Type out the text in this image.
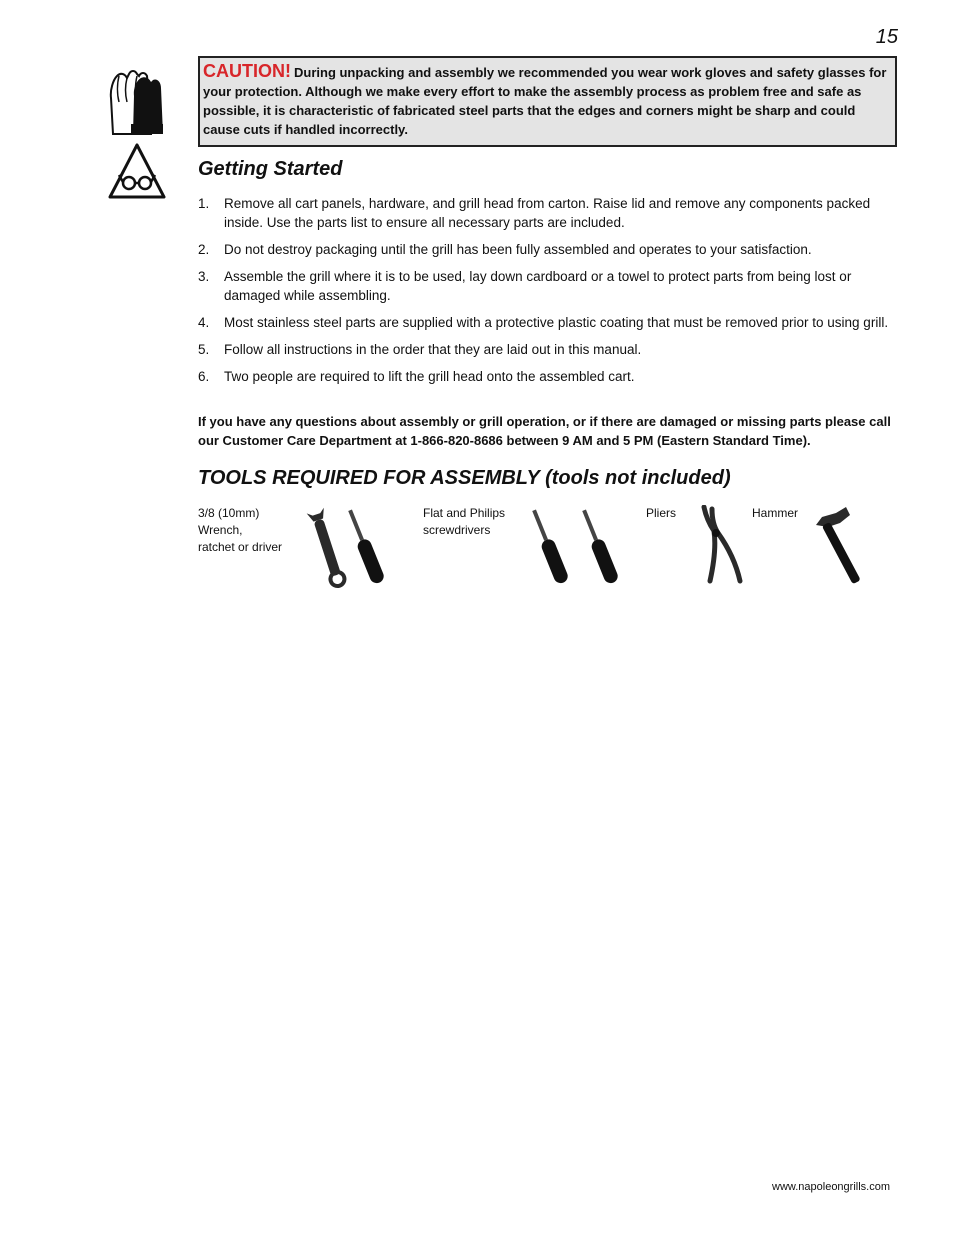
15
CAUTION! During unpacking and assembly we recommended you wear work gloves and safety glasses for your protection. Although we make every effort to make the assembly process as problem free and safe as possible, it is characteristic of fabricated steel parts that the edges and corners might be sharp and could cause cuts if handled incorrectly.
Getting Started
1.	Remove all cart panels, hardware, and grill head from carton. Raise lid and remove any components packed inside. Use the parts list to ensure all necessary parts are included.
2.	Do not destroy packaging until the grill has been fully assembled and operates to your satisfaction.
3.	Assemble the grill where it is to be used, lay down cardboard or a towel to protect parts from being lost or damaged while assembling.
4.	Most stainless steel parts are supplied with a protective plastic coating that must be removed prior to using grill.
5.	Follow all instructions in the order that they are laid out in this manual.
6.	Two people are required to lift the grill head onto the assembled cart.

If you have any questions about assembly or grill operation, or if there are damaged or missing parts please call our Customer Care Department at 1-866-820-8686 between 9 AM and 5 PM (Eastern Standard Time).

TOOLS REQUIRED FOR ASSEMBLY (tools not included)
3/8 (10mm)
Wrench,
ratchet or driver
Flat and Philips
screwdrivers
Pliers	Hammer
www.napoleongrills.com
